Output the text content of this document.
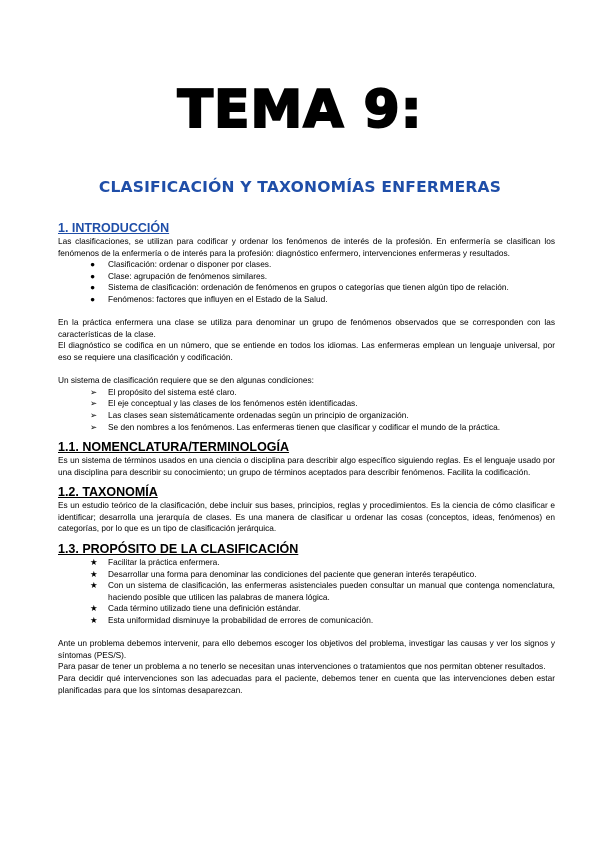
TEMA 9:
CLASIFICACIÓN Y TAXONOMÍAS ENFERMERAS
1. INTRODUCCIÓN

Las clasificaciones, se utilizan para codificar y ordenar los fenómenos de interés de la profesión. En enfermería se clasifican los fenómenos de la enfermería o de interés para la profesión: diagnóstico enfermero, intervenciones enfermeras y resultados.

●	Clasificación: ordenar o disponer por clases.
●	Clase: agrupación de fenómenos similares.
●	Sistema de clasificación: ordenación de fenómenos en grupos o categorías que tienen algún tipo de relación.
●	Fenómenos: factores que influyen en el Estado de la Salud.

En la práctica enfermera una clase se utiliza para denominar un grupo de fenómenos observados que se corresponden con las características de la clase.

El diagnóstico se codifica en un número, que se entiende en todos los idiomas. Las enfermeras emplean un lenguaje universal, por eso se requiere una clasificación y codificación.

Un sistema de clasificación requiere que se den algunas condiciones:

➢	El propósito del sistema esté claro.
➢	El eje conceptual y las clases de los fenómenos estén identificadas.
➢	Las clases sean sistemáticamente ordenadas según un principio de organización.
➢	Se den nombres a los fenómenos. Las enfermeras tienen que clasificar y codificar el mundo de la práctica.
1.1. NOMENCLATURA/TERMINOLOGÍA

Es un sistema de términos usados en una ciencia o disciplina para describir algo específico siguiendo reglas. Es el lenguaje usado por una disciplina para describir su conocimiento; un grupo de términos aceptados para describir fenómenos. Facilita la codificación.

1.2. TAXONOMÍA

Es un estudio teórico de la clasificación, debe incluir sus bases, principios, reglas y procedimientos. Es la ciencia de cómo clasificar e identificar; desarrolla una jerarquía de clases. Es una manera de clasificar u ordenar las cosas (conceptos, ideas, fenómenos) en categorías, por lo que es un tipo de clasificación jerárquica.

1.3. PROPÓSITO DE LA CLASIFICACIÓN
★	Facilitar la práctica enfermera.
★	Desarrollar una forma para denominar las condiciones del paciente que generan interés terapéutico.
★	Con un sistema de clasificación, las enfermeras asistenciales pueden consultar un manual que contenga nomenclatura, haciendo posible que utilicen las palabras de manera lógica.
★	Cada término utilizado tiene una definición estándar.
★	Esta uniformidad disminuye la probabilidad de errores de comunicación.

Ante un problema debemos intervenir, para ello debemos escoger los objetivos del problema, investigar las causas y ver los signos y síntomas (PES/S).

Para pasar de tener un problema a no tenerlo se necesitan unas intervenciones o tratamientos que nos permitan obtener resultados.

Para decidir qué intervenciones son las adecuadas para el paciente, debemos tener en cuenta que las intervenciones deben estar planificadas para que los síntomas desaparezcan.
